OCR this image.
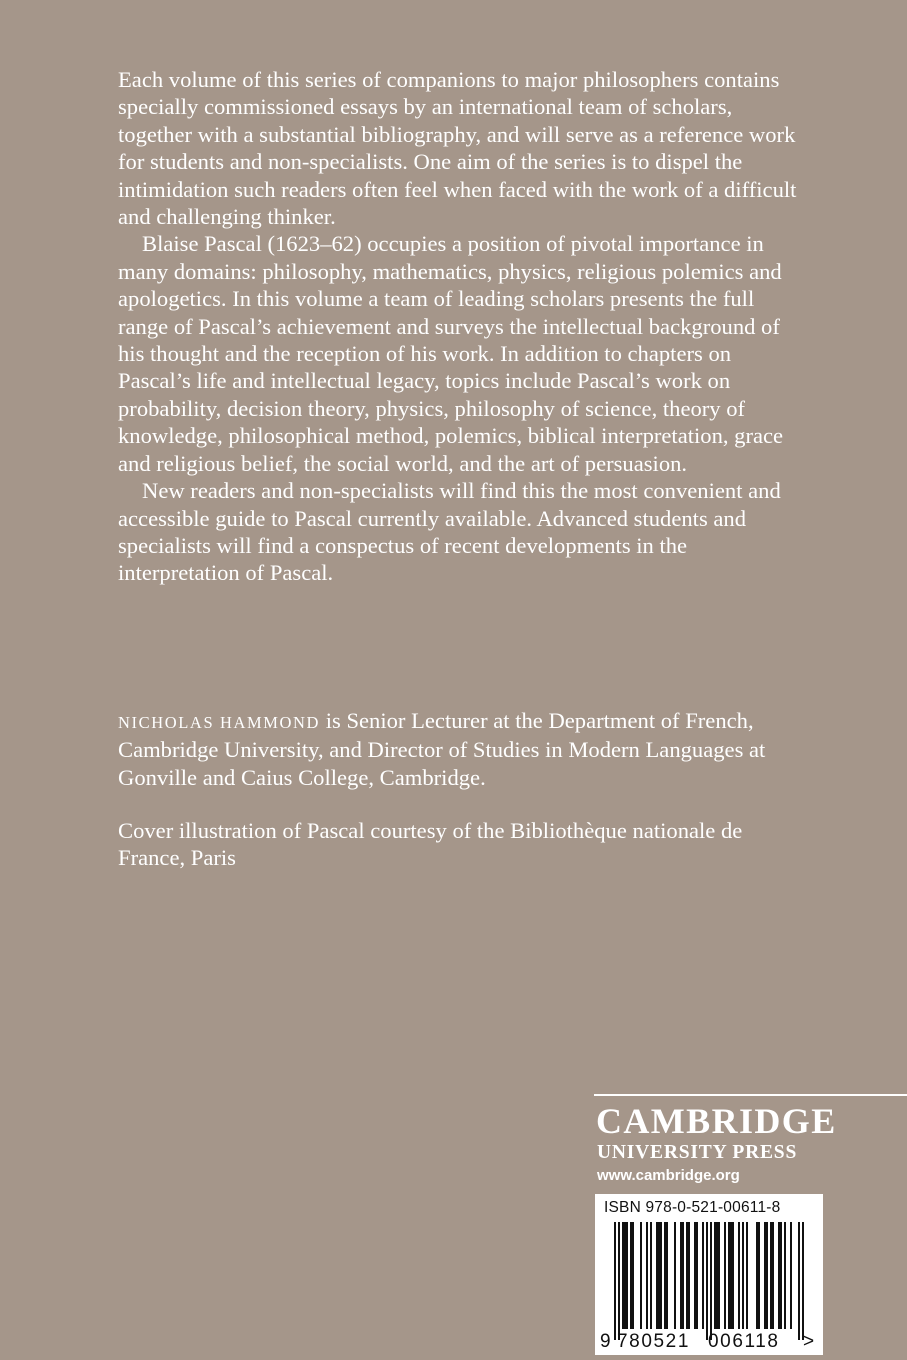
Each volume of this series of companions to major philosophers contains specially commissioned essays by an international team of scholars, together with a substantial bibliography, and will serve as a reference work for students and non-specialists. One aim of the series is to dispel the intimidation such readers often feel when faced with the work of a difficult and challenging thinker.

Blaise Pascal (1623–62) occupies a position of pivotal importance in many domains: philosophy, mathematics, physics, religious polemics and apologetics. In this volume a team of leading scholars presents the full range of Pascal’s achievement and surveys the intellectual background of his thought and the reception of his work. In addition to chapters on Pascal’s life and intellectual legacy, topics include Pascal’s work on probability, decision theory, physics, philosophy of science, theory of knowledge, philosophical method, polemics, biblical interpretation, grace and religious belief, the social world, and the art of persuasion.

New readers and non-specialists will find this the most convenient and accessible guide to Pascal currently available. Advanced students and specialists will find a conspectus of recent developments in the interpretation of Pascal.

NICHOLAS HAMMOND is Senior Lecturer at the Department of French, Cambridge University, and Director of Studies in Modern Languages at Gonville and Caius College, Cambridge.

Cover illustration of Pascal courtesy of the Bibliothèque nationale de France, Paris

CAMBRIDGE

UNIVERSITY PRESS

www.cambridge.org

ISBN 978-0-521-00611-8
9 780521 006118 >
